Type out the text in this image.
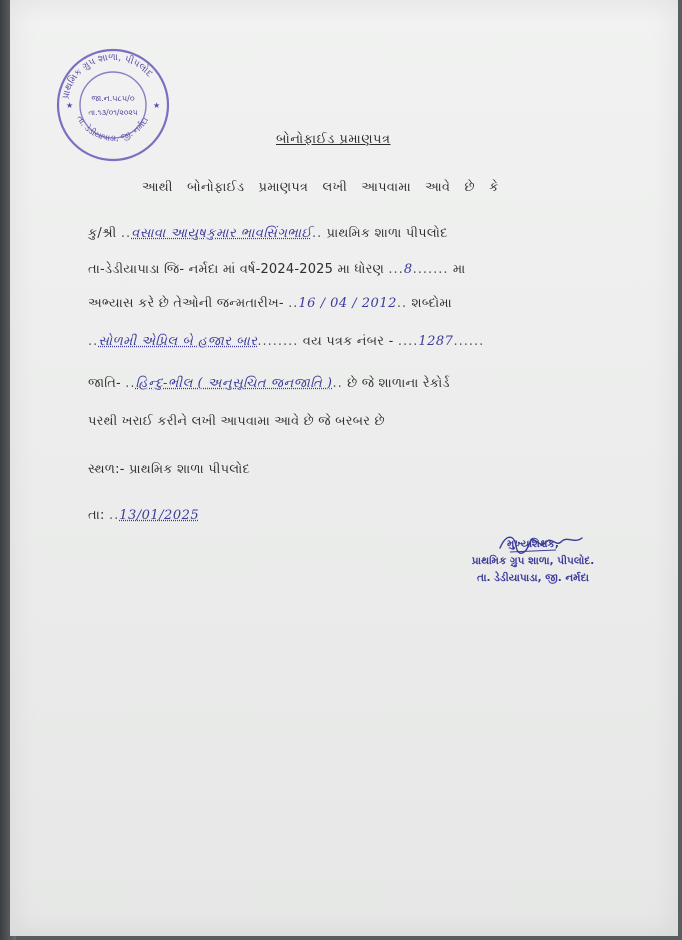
પ્રાથમિક ગ્રુપ શાળા, પીપલોદ
તા. ડેડીયાપાડા, જી. નર્મદા
જા.ન.૫૮૫/૦
તા.૧૩/૦૧/૨૦૨૫
★	★
બોનોફાઈડ પ્રમાણપત્ર
આથી બોનોફાઈડ પ્રમાણપત્ર લખી આપવામા આવે છે કે
કુ/શ્રી ..વસાવા આયુષકુમાર ભાવસિંગભાઈ.. પ્રાથમિક શાળા પીપલોદ
તા-ડેડીયાપાડા જિ- નર્મદા માં વર્ષ-2024-2025 મા ધોરણ ...8....... મા
અભ્યાસ કરે છે તેઓની જન્મતારીખ- ..16 / 04 / 2012.. શબ્દોમા
..સોળમી એપ્રિલ બે હજાર બાર........ વય પત્રક નંબર - ....1287......
જાતિ- ..હિન્દુ-ભીલ ( અનુસૂચિત જનજાતિ ).. છે જે શાળાના રેકોર્ડ
પરથી ખરાઈ કરીને લખી આપવામા આવે છે જે બરબર છે
સ્થળ:- પ્રાથમિક શાળા પીપલોદ
તા: ..13/01/2025
મુખ્યશિક્ષક,
પ્રાથમિક ગ્રુપ શાળા, પીપલોદ.
તા. ડેડીયાપાડા, જી. નર્મદા
